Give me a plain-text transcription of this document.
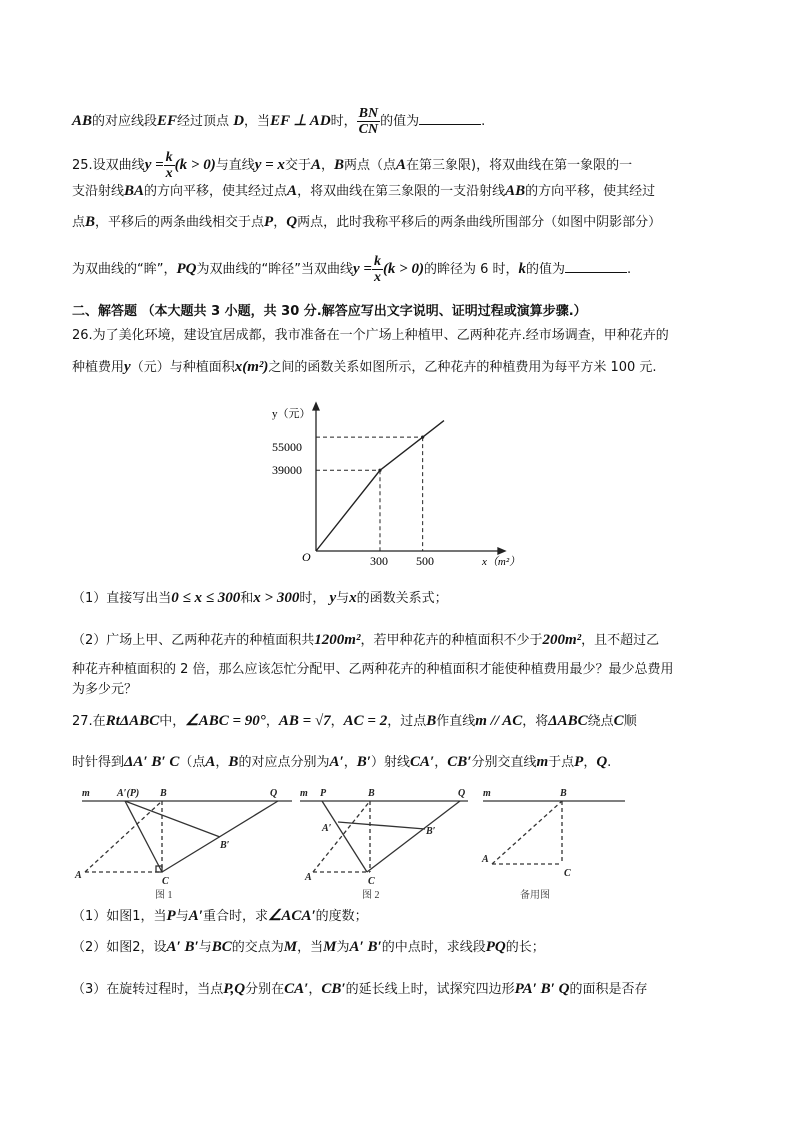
AB的对应线段EF经过顶点 D，当EF ⊥ AD时， $\frac{BN}{CN}$ 的值为	.
25.设双曲线$y = \frac{k}{x} (k > 0)$与直线y = x交于A，B两点（点A在第三象限)，将双曲线在第一象限的一
支沿射线BA的方向平移，使其经过点A，将双曲线在第三象限的一支沿射线AB的方向平移，使其经过
点B，平移后的两条曲线相交于点P，Q两点，此时我称平移后的两条曲线所围部分（如图中阴影部分）
为双曲线的“眸”，PQ为双曲线的“眸径”当双曲线$y = \frac{k}{x} (k > 0)$的眸径为 6 时，k的值为	.
二、解答题 （本大题共 3 小题，共 30 分.解答应写出文字说明、证明过程或演算步骤.）
26.为了美化环境，建设宜居成都，我市准备在一个广场上种植甲、乙两种花卉.经市场调查，甲种花卉的
种植费用y（元）与种植面积x(m²)之间的函数关系如图所示，乙种花卉的种植费用为每平方米 100 元.
y（元）
x（m²）
O
55000
39000
300 500
（1）直接写出当0 ≤ x ≤ 300和x > 300时， y与x的函数关系式；
（2）广场上甲、乙两种花卉的种植面积共1200m²，若甲种花卉的种植面积不少于200m²，且不超过乙
种花卉种植面积的 2 倍，那么应该怎忙分配甲、乙两种花卉的种植面积才能使种植费用最少？最少总费用
为多少元？
27.在RtΔABC中，∠ABC = 90°，AB = √7，AC = 2，过点B作直线m // AC，将ΔABC绕点C顺
时针得到ΔA′ B′ C（点A，B的对应点分别为A′，B′）射线CA′，CB′分别交直线m于点P，Q.
m	A′(P) B	Q
B′
A
C
m P	B	Q
A′	B′
A	C
m	B
A
C
图 1	图 2	备用图
（1）如图1，当P与A′重合时，求∠ACA′的度数；
（2）如图2，设A′ B′与BC的交点为M，当M为A′ B′的中点时，求线段PQ的长；
（3）在旋转过程时，当点P,Q分别在CA′，CB′的延长线上时，试探究四边形PA′ B′ Q的面积是否存
